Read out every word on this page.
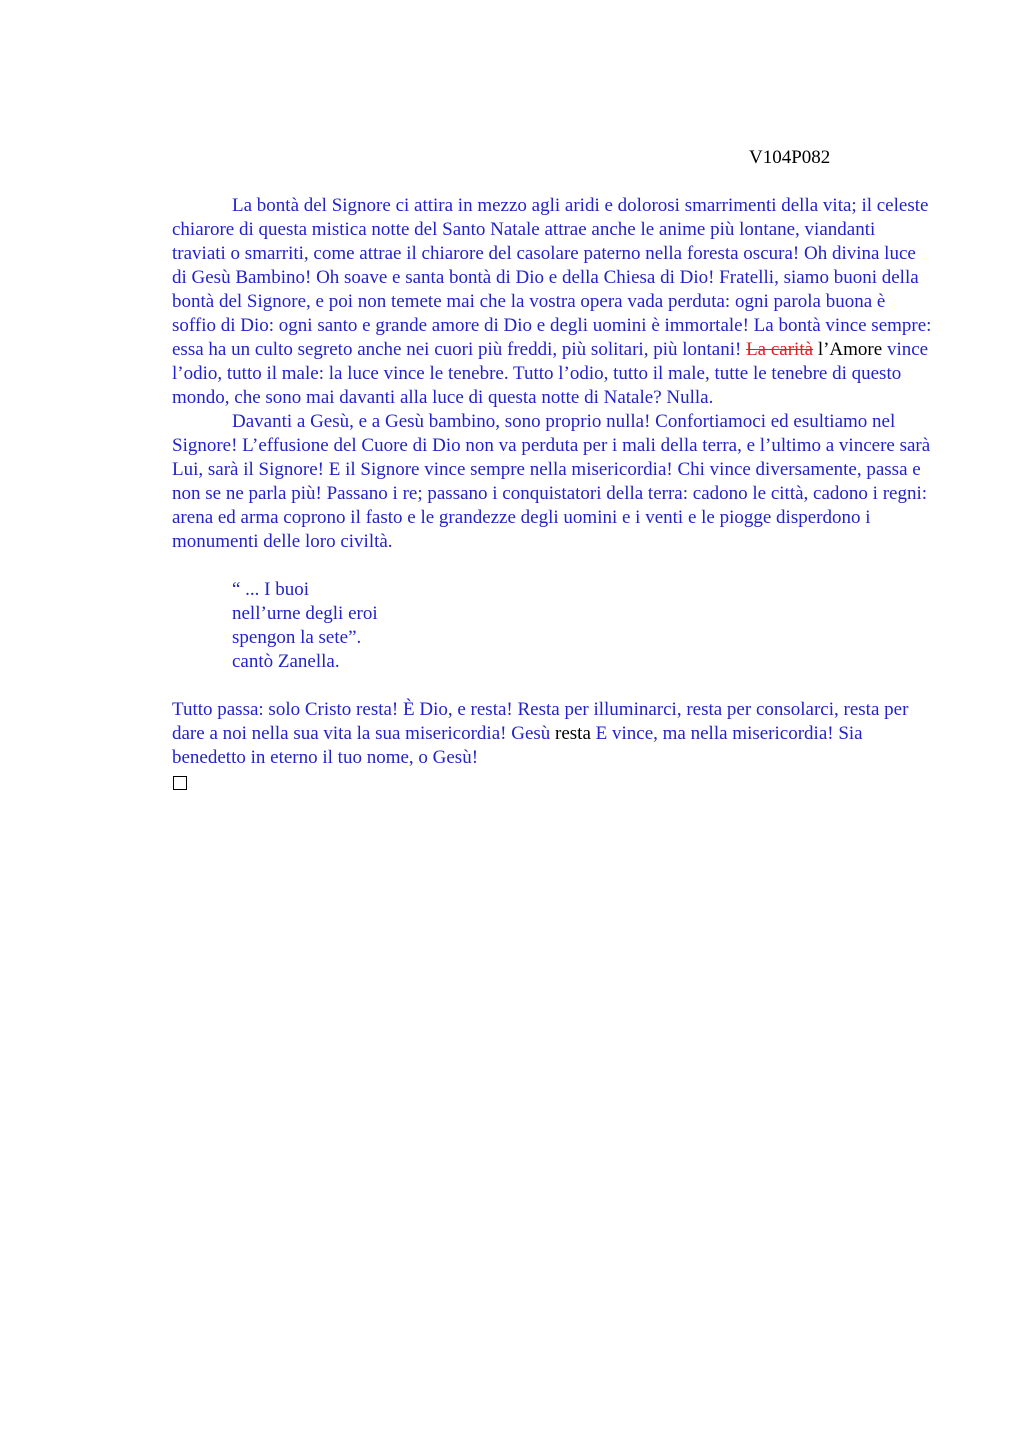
V104P082

La bontà del Signore ci attira in mezzo agli aridi e dolorosi smarrimenti della vita; il celeste chiarore di questa mistica notte del Santo Natale attrae anche le anime più lontane, viandanti traviati o smarriti, come attrae il chiarore del casolare paterno nella foresta oscura! Oh divina luce di Gesù Bambino! Oh soave e santa bontà di Dio e della Chiesa di Dio! Fratelli, siamo buoni della bontà del Signore, e poi non temete mai che la vostra opera vada perduta: ogni parola buona è soffio di Dio: ogni santo e grande amore di Dio e degli uomini è immortale! La bontà vince sempre: essa ha un culto segreto anche nei cuori più freddi, più solitari, più lontani! La carità l’Amore vince l’odio, tutto il male: la luce vince le tenebre. Tutto l’odio, tutto il male, tutte le tenebre di questo mondo, che sono mai davanti alla luce di questa notte di Natale? Nulla.

Davanti a Gesù, e a Gesù bambino, sono proprio nulla! Confortiamoci ed esultiamo nel Signore! L’effusione del Cuore di Dio non va perduta per i mali della terra, e l’ultimo a vincere sarà Lui, sarà il Signore! E il Signore vince sempre nella misericordia! Chi vince diversamente, passa e non se ne parla più! Passano i re; passano i conquistatori della terra: cadono le città, cadono i regni: arena ed arma coprono il fasto e le grandezze degli uomini e i venti e le piogge disperdono i monumenti delle loro civiltà.

“ ... I buoi

nell’urne degli eroi

spengon la sete”.

cantò Zanella.

Tutto passa: solo Cristo resta! È Dio, e resta! Resta per illuminarci, resta per consolarci, resta per dare a noi nella sua vita la sua misericordia! Gesù resta E vince, ma nella misericordia! Sia benedetto in eterno il tuo nome, o Gesù!
